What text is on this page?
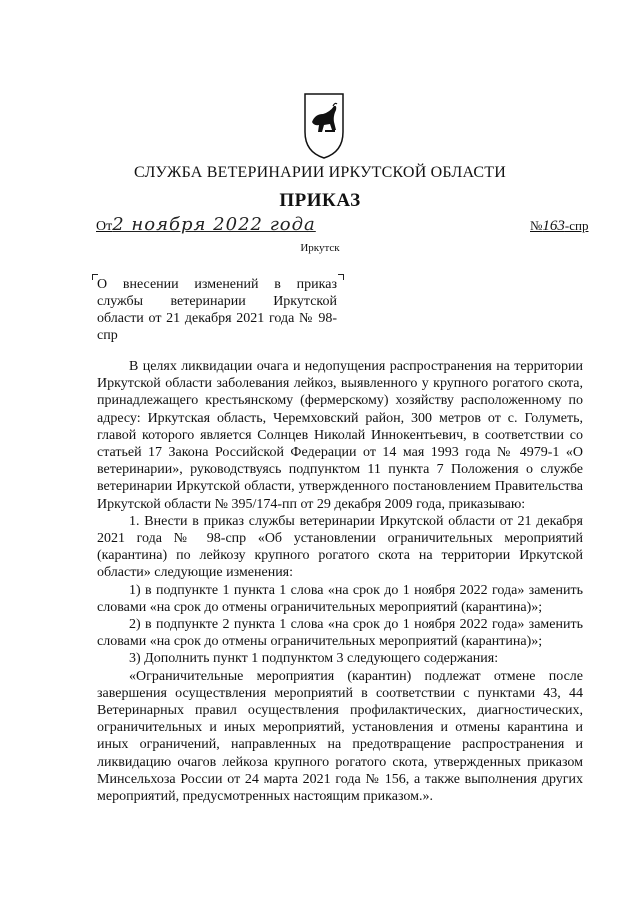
СЛУЖБА ВЕТЕРИНАРИИ ИРКУТСКОЙ ОБЛАСТИ
ПРИКАЗ
От2 ноября 2022 года	№163-спр
Иркутск
О внесении изменений в приказ службы ветеринарии Иркутской области от 21 декабря 2021 года № 98-спр

В целях ликвидации очага и недопущения распространения на территории Иркутской области заболевания лейкоз, выявленного у крупного рогатого скота, принадлежащего крестьянскому (фермерскому) хозяйству расположенному по адресу: Иркутская область, Черемховский район, 300 метров от с. Голуметь, главой которого является Солнцев Николай Иннокентьевич, в соответствии со статьей 17 Закона Российской Федерации от 14 мая 1993 года № 4979-1 «О ветеринарии», руководствуясь подпунктом 11 пункта 7 Положения о службе ветеринарии Иркутской области, утвержденного постановлением Правительства Иркутской области № 395/174-пп от 29 декабря 2009 года, приказываю:

1. Внести в приказ службы ветеринарии Иркутской области от 21 декабря 2021 года № 98-спр «Об установлении ограничительных мероприятий (карантина) по лейкозу крупного рогатого скота на территории Иркутской области» следующие изменения:

1) в подпункте 1 пункта 1 слова «на срок до 1 ноября 2022 года» заменить словами «на срок до отмены ограничительных мероприятий (карантина)»;

2) в подпункте 2 пункта 1 слова «на срок до 1 ноября 2022 года» заменить словами «на срок до отмены ограничительных мероприятий (карантина)»;

3) Дополнить пункт 1 подпунктом 3 следующего содержания:

«Ограничительные мероприятия (карантин) подлежат отмене после завершения осуществления мероприятий в соответствии с пунктами 43, 44 Ветеринарных правил осуществления профилактических, диагностических, ограничительных и иных мероприятий, установления и отмены карантина и иных ограничений, направленных на предотвращение распространения и ликвидацию очагов лейкоза крупного рогатого скота, утвержденных приказом Минсельхоза России от 24 марта 2021 года № 156, а также выполнения других мероприятий, предусмотренных настоящим приказом.».
